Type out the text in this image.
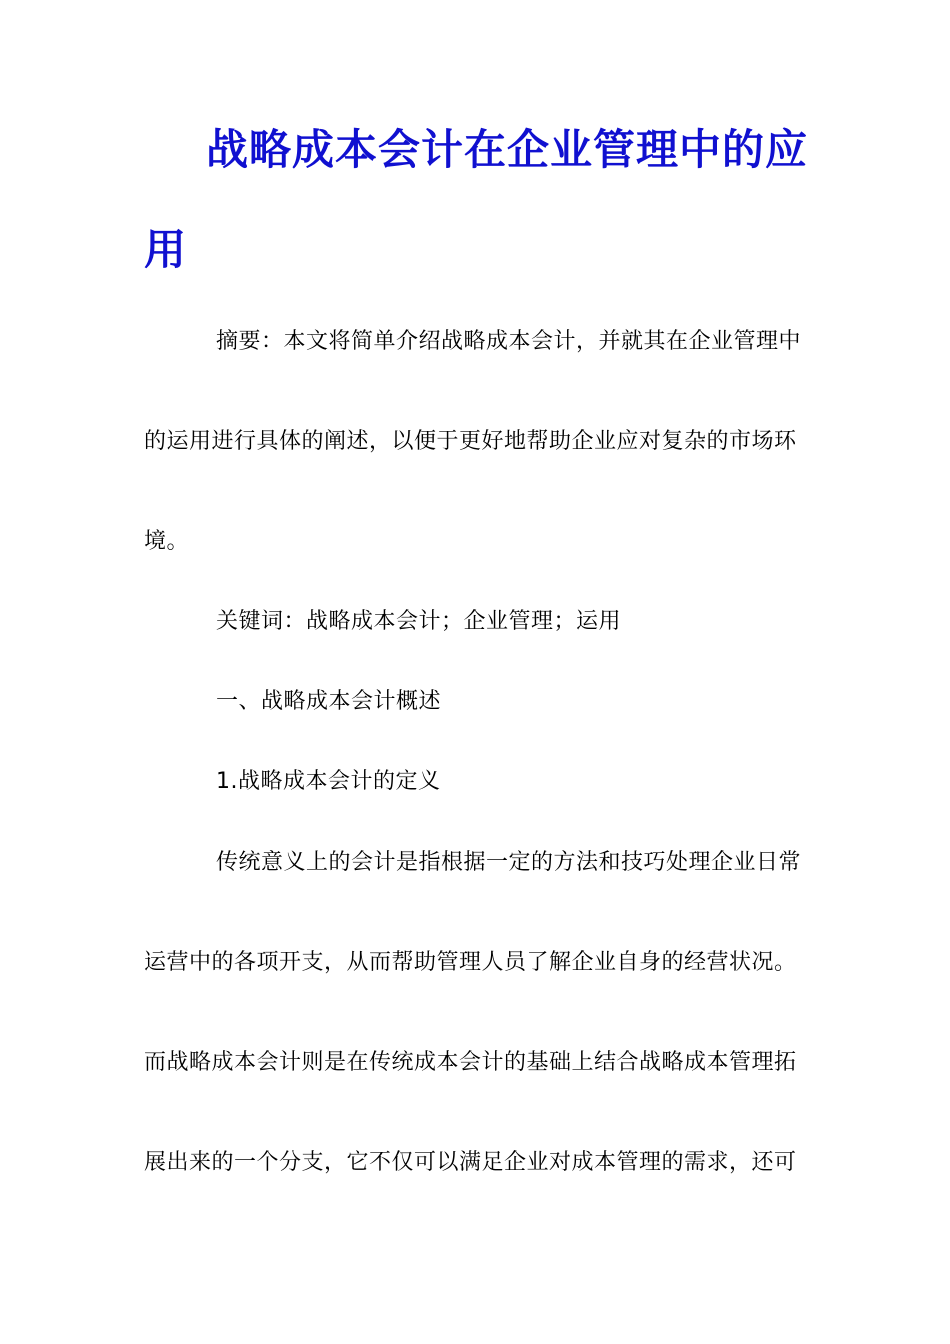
战略成本会计在企业管理中的应
用
摘要：本文将简单介绍战略成本会计，并就其在企业管理中
的运用进行具体的阐述，以便于更好地帮助企业应对复杂的市场环
境。
关键词：战略成本会计；企业管理；运用
一、战略成本会计概述
1.战略成本会计的定义
传统意义上的会计是指根据一定的方法和技巧处理企业日常
运营中的各项开支，从而帮助管理人员了解企业自身的经营状况。
而战略成本会计则是在传统成本会计的基础上结合战略成本管理拓
展出来的一个分支，它不仅可以满足企业对成本管理的需求，还可
